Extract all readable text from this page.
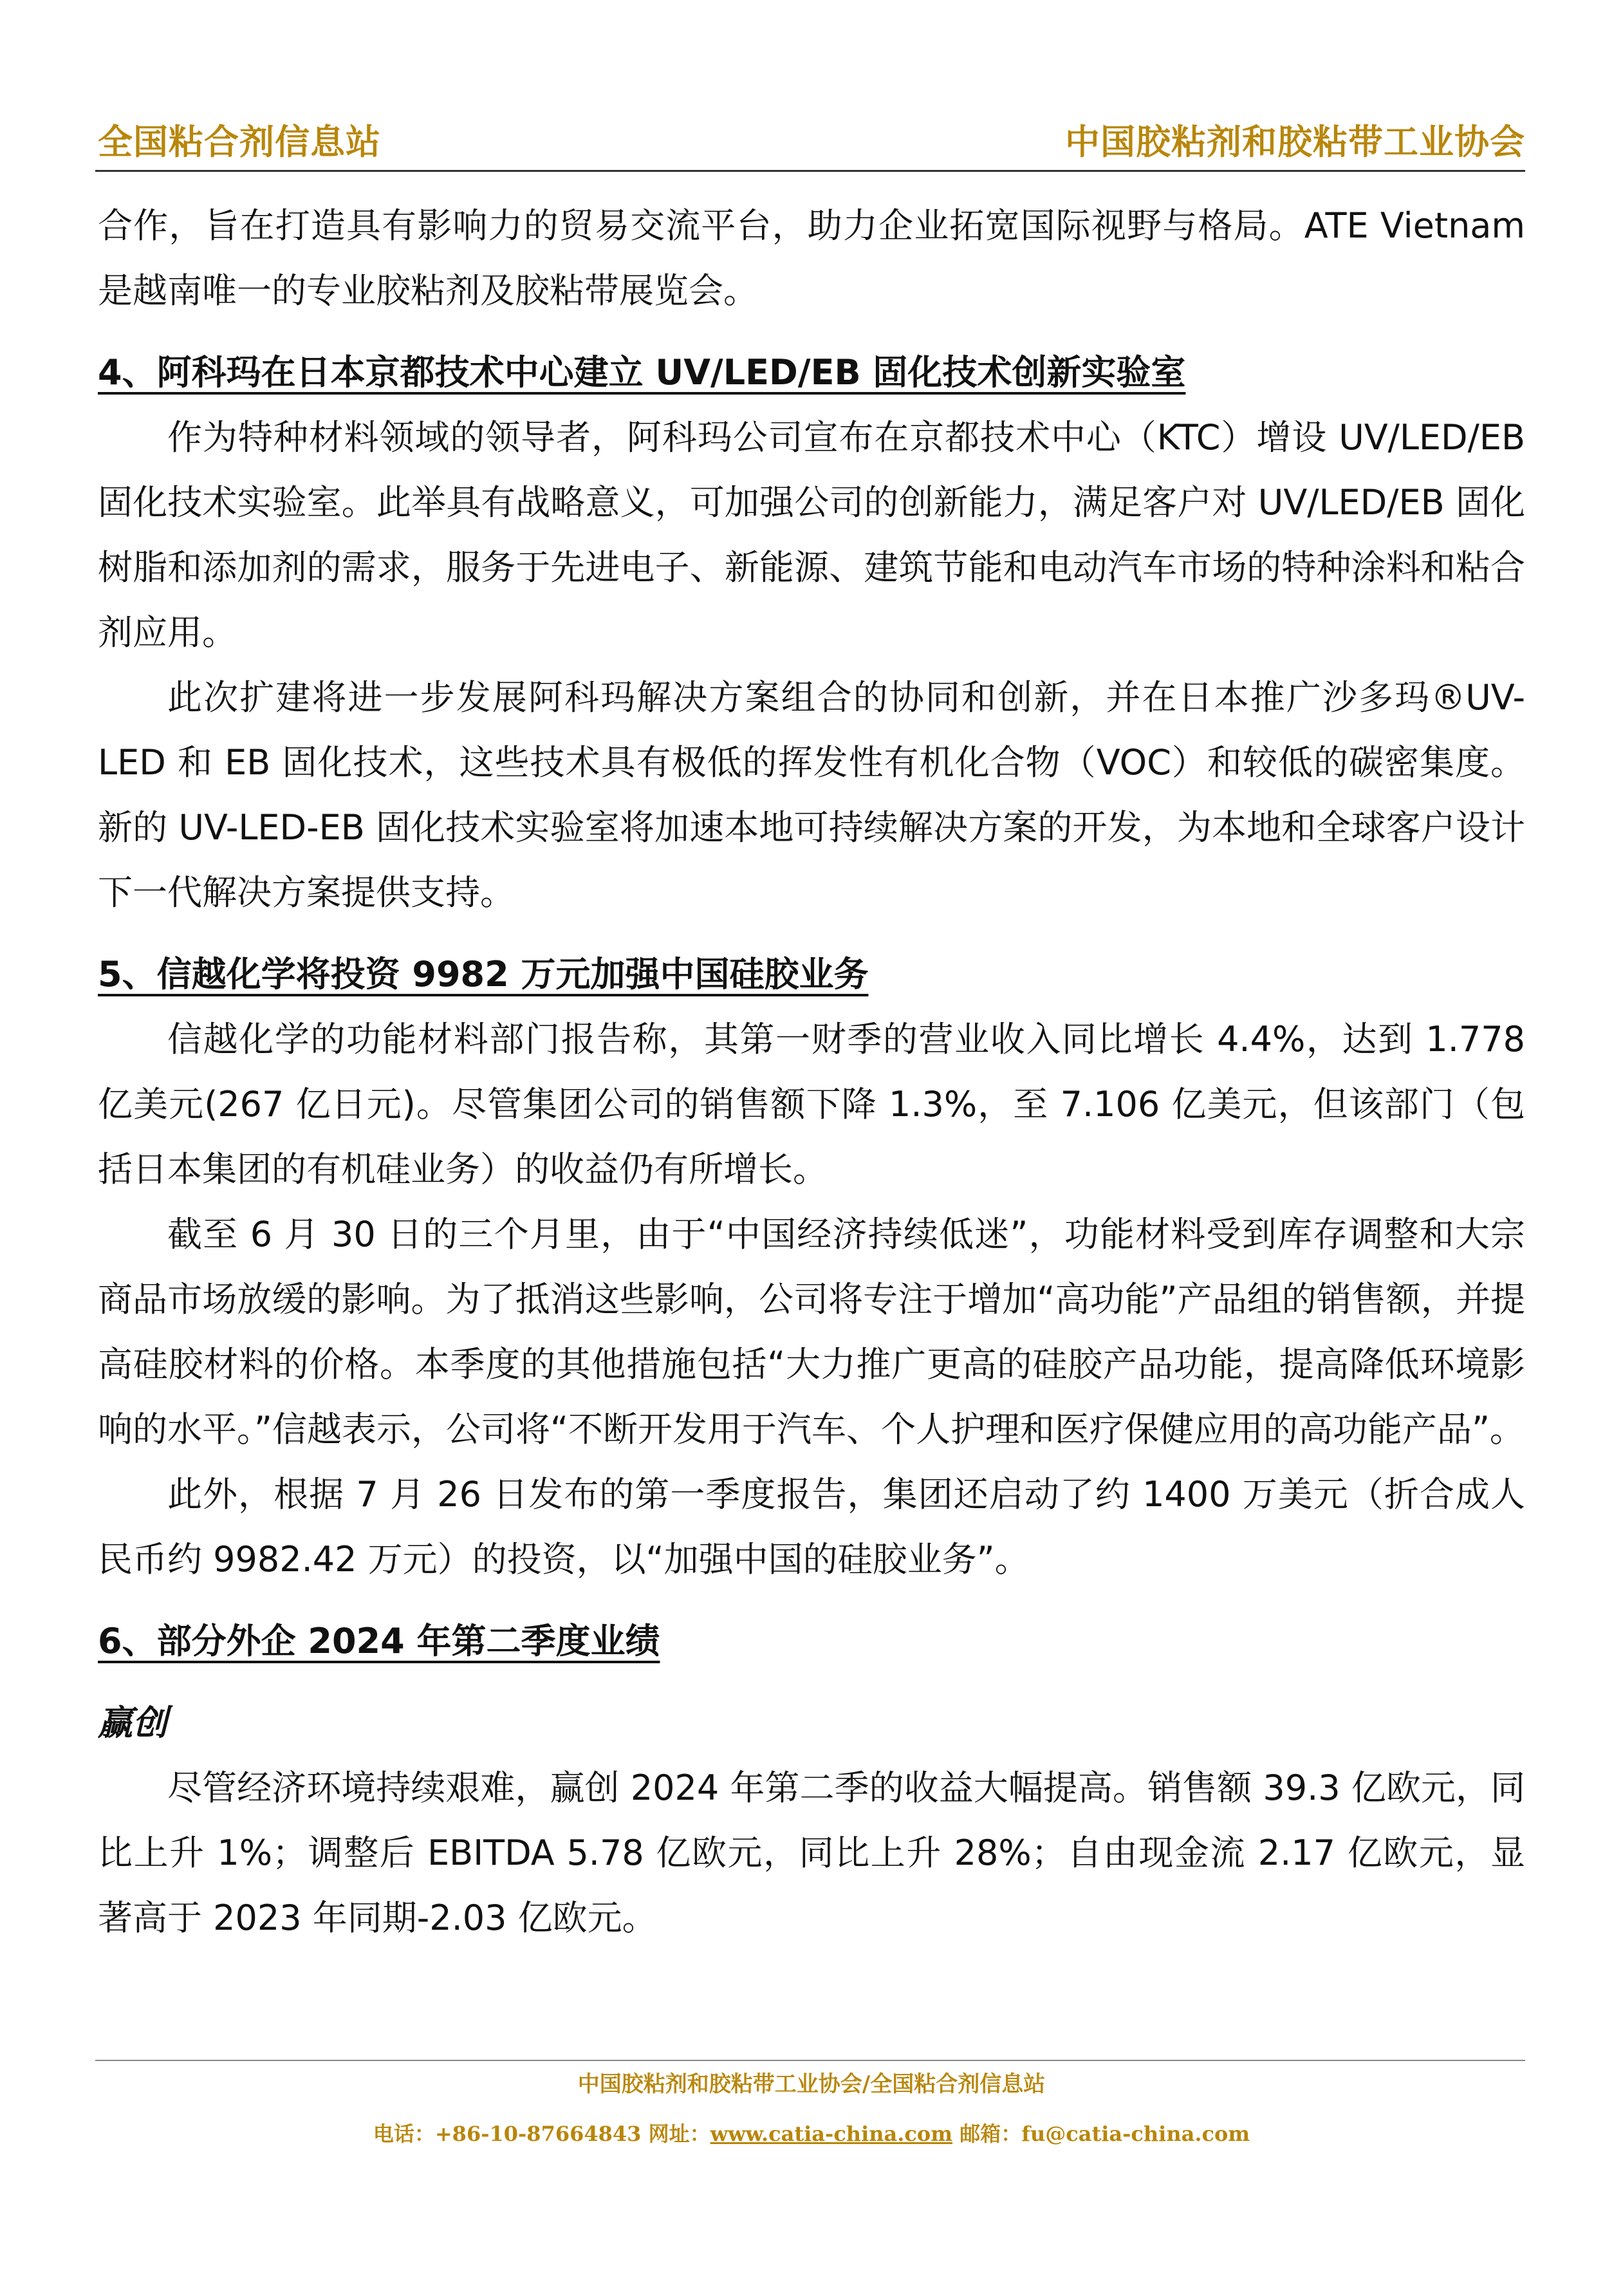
全国粘合剂信息站	中国胶粘剂和胶粘带工业协会

合作，旨在打造具有影响力的贸易交流平台，助力企业拓宽国际视野与格局。ATE Vietnam 是越南唯一的专业胶粘剂及胶粘带展览会。

4、阿科玛在日本京都技术中心建立 UV/LED/EB 固化技术创新实验室

作为特种材料领域的领导者，阿科玛公司宣布在京都技术中心（KTC）增设 UV/LED/EB 固化技术实验室。此举具有战略意义，可加强公司的创新能力，满足客户对 UV/LED/EB 固化树脂和添加剂的需求，服务于先进电子、新能源、建筑节能和电动汽车市场的特种涂料和粘合剂应用。

此次扩建将进一步发展阿科玛解决方案组合的协同和创新，并在日本推广沙多玛®UV-LED 和 EB 固化技术，这些技术具有极低的挥发性有机化合物（VOC）和较低的碳密集度。新的 UV-LED-EB 固化技术实验室将加速本地可持续解决方案的开发，为本地和全球客户设计下一代解决方案提供支持。

5、信越化学将投资 9982 万元加强中国硅胶业务

信越化学的功能材料部门报告称，其第一财季的营业收入同比增长 4.4%，达到 1.778 亿美元(267 亿日元)。尽管集团公司的销售额下降 1.3%，至 7.106 亿美元，但该部门（包括日本集团的有机硅业务）的收益仍有所增长。

截至 6 月 30 日的三个月里，由于“中国经济持续低迷”，功能材料受到库存调整和大宗商品市场放缓的影响。为了抵消这些影响，公司将专注于增加“高功能”产品组的销售额，并提高硅胶材料的价格。本季度的其他措施包括“大力推广更高的硅胶产品功能，提高降低环境影响的水平。”信越表示，公司将“不断开发用于汽车、个人护理和医疗保健应用的高功能产品”。

此外，根据 7 月 26 日发布的第一季度报告，集团还启动了约 1400 万美元（折合成人民币约 9982.42 万元）的投资，以“加强中国的硅胶业务”。

6、部分外企 2024 年第二季度业绩

赢创

尽管经济环境持续艰难，赢创 2024 年第二季的收益大幅提高。销售额 39.3 亿欧元，同比上升 1%；调整后 EBITDA 5.78 亿欧元，同比上升 28%；自由现金流 2.17 亿欧元，显著高于 2023 年同期-2.03 亿欧元。

中国胶粘剂和胶粘带工业协会/全国粘合剂信息站
电话：+86-10-87664843 网址：www.catia-china.com 邮箱：fu@catia-china.com
